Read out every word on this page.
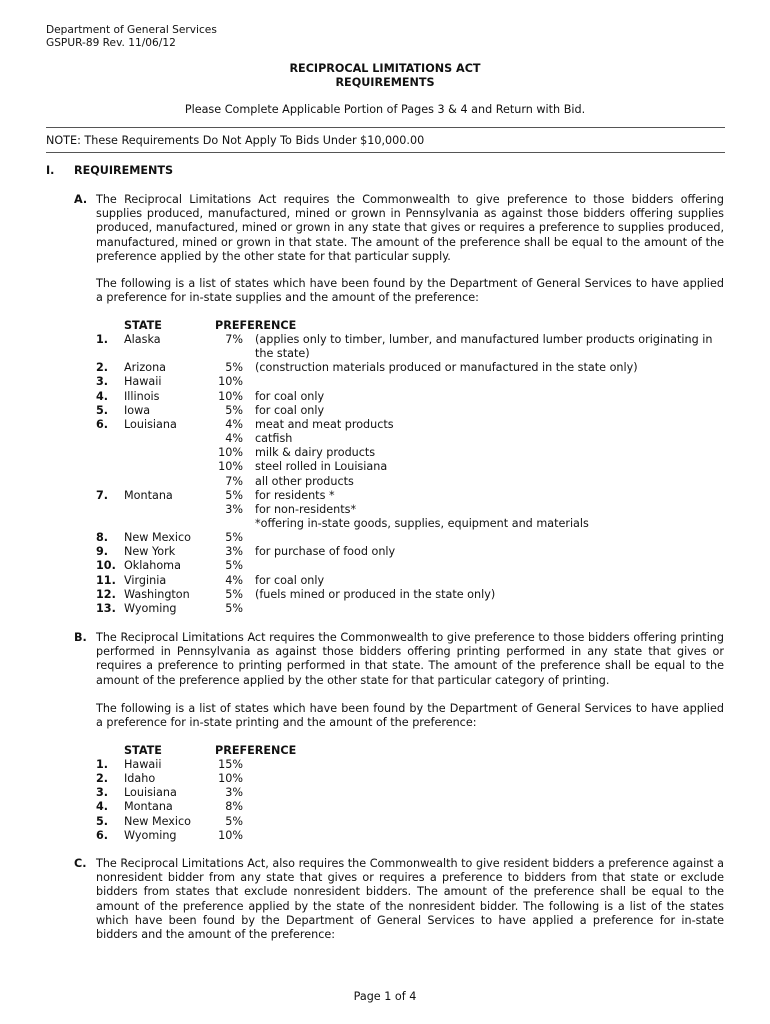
Department of General Services
GSPUR-89 Rev. 11/06/12
RECIPROCAL LIMITATIONS ACT
REQUIREMENTS
Please Complete Applicable Portion of Pages 3 & 4 and Return with Bid.
NOTE: These Requirements Do Not Apply To Bids Under $10,000.00
I. REQUIREMENTS
A. The Reciprocal Limitations Act requires the Commonwealth to give preference to those bidders offering supplies produced, manufactured, mined or grown in Pennsylvania as against those bidders offering supplies produced, manufactured, mined or grown in any state that gives or requires a preference to supplies produced, manufactured, mined or grown in that state. The amount of the preference shall be equal to the amount of the preference applied by the other state for that particular supply.
The following is a list of states which have been found by the Department of General Services to have applied a preference for in-state supplies and the amount of the preference:
STATE	PREFERENCE
1.	Alaska	7% (applies only to timber, lumber, and manufactured lumber products originating in
the state)
2.	Arizona	5% (construction materials produced or manufactured in the state only)
3.	Hawaii	10%
4.	Illinois	10% for coal only
5.	Iowa	5% for coal only
6.	Louisiana	4% meat and meat products
4% catfish
10% milk & dairy products
10% steel rolled in Louisiana
7% all other products
7.	Montana	5% for residents *
3% for non-residents*
*offering in-state goods, supplies, equipment and materials
8.	New Mexico	5%
9.	New York	3% for purchase of food only
10. Oklahoma	5%
11. Virginia	4% for coal only
12. Washington	5% (fuels mined or produced in the state only)
13. Wyoming	5%
B. The Reciprocal Limitations Act requires the Commonwealth to give preference to those bidders offering printing performed in Pennsylvania as against those bidders offering printing performed in any state that gives or requires a preference to printing performed in that state. The amount of the preference shall be equal to the amount of the preference applied by the other state for that particular category of printing.
The following is a list of states which have been found by the Department of General Services to have applied a preference for in-state printing and the amount of the preference:
STATE	PREFERENCE
1.	Hawaii	15%
2.	Idaho	10%
3.	Louisiana	3%
4.	Montana	8%
5.	New Mexico	5%
6.	Wyoming	10%
C. The Reciprocal Limitations Act, also requires the Commonwealth to give resident bidders a preference against a nonresident bidder from any state that gives or requires a preference to bidders from that state or exclude bidders from states that exclude nonresident bidders. The amount of the preference shall be equal to the amount of the preference applied by the state of the nonresident bidder. The following is a list of the states which have been found by the Department of General Services to have applied a preference for in-state bidders and the amount of the preference:
Page 1 of 4
